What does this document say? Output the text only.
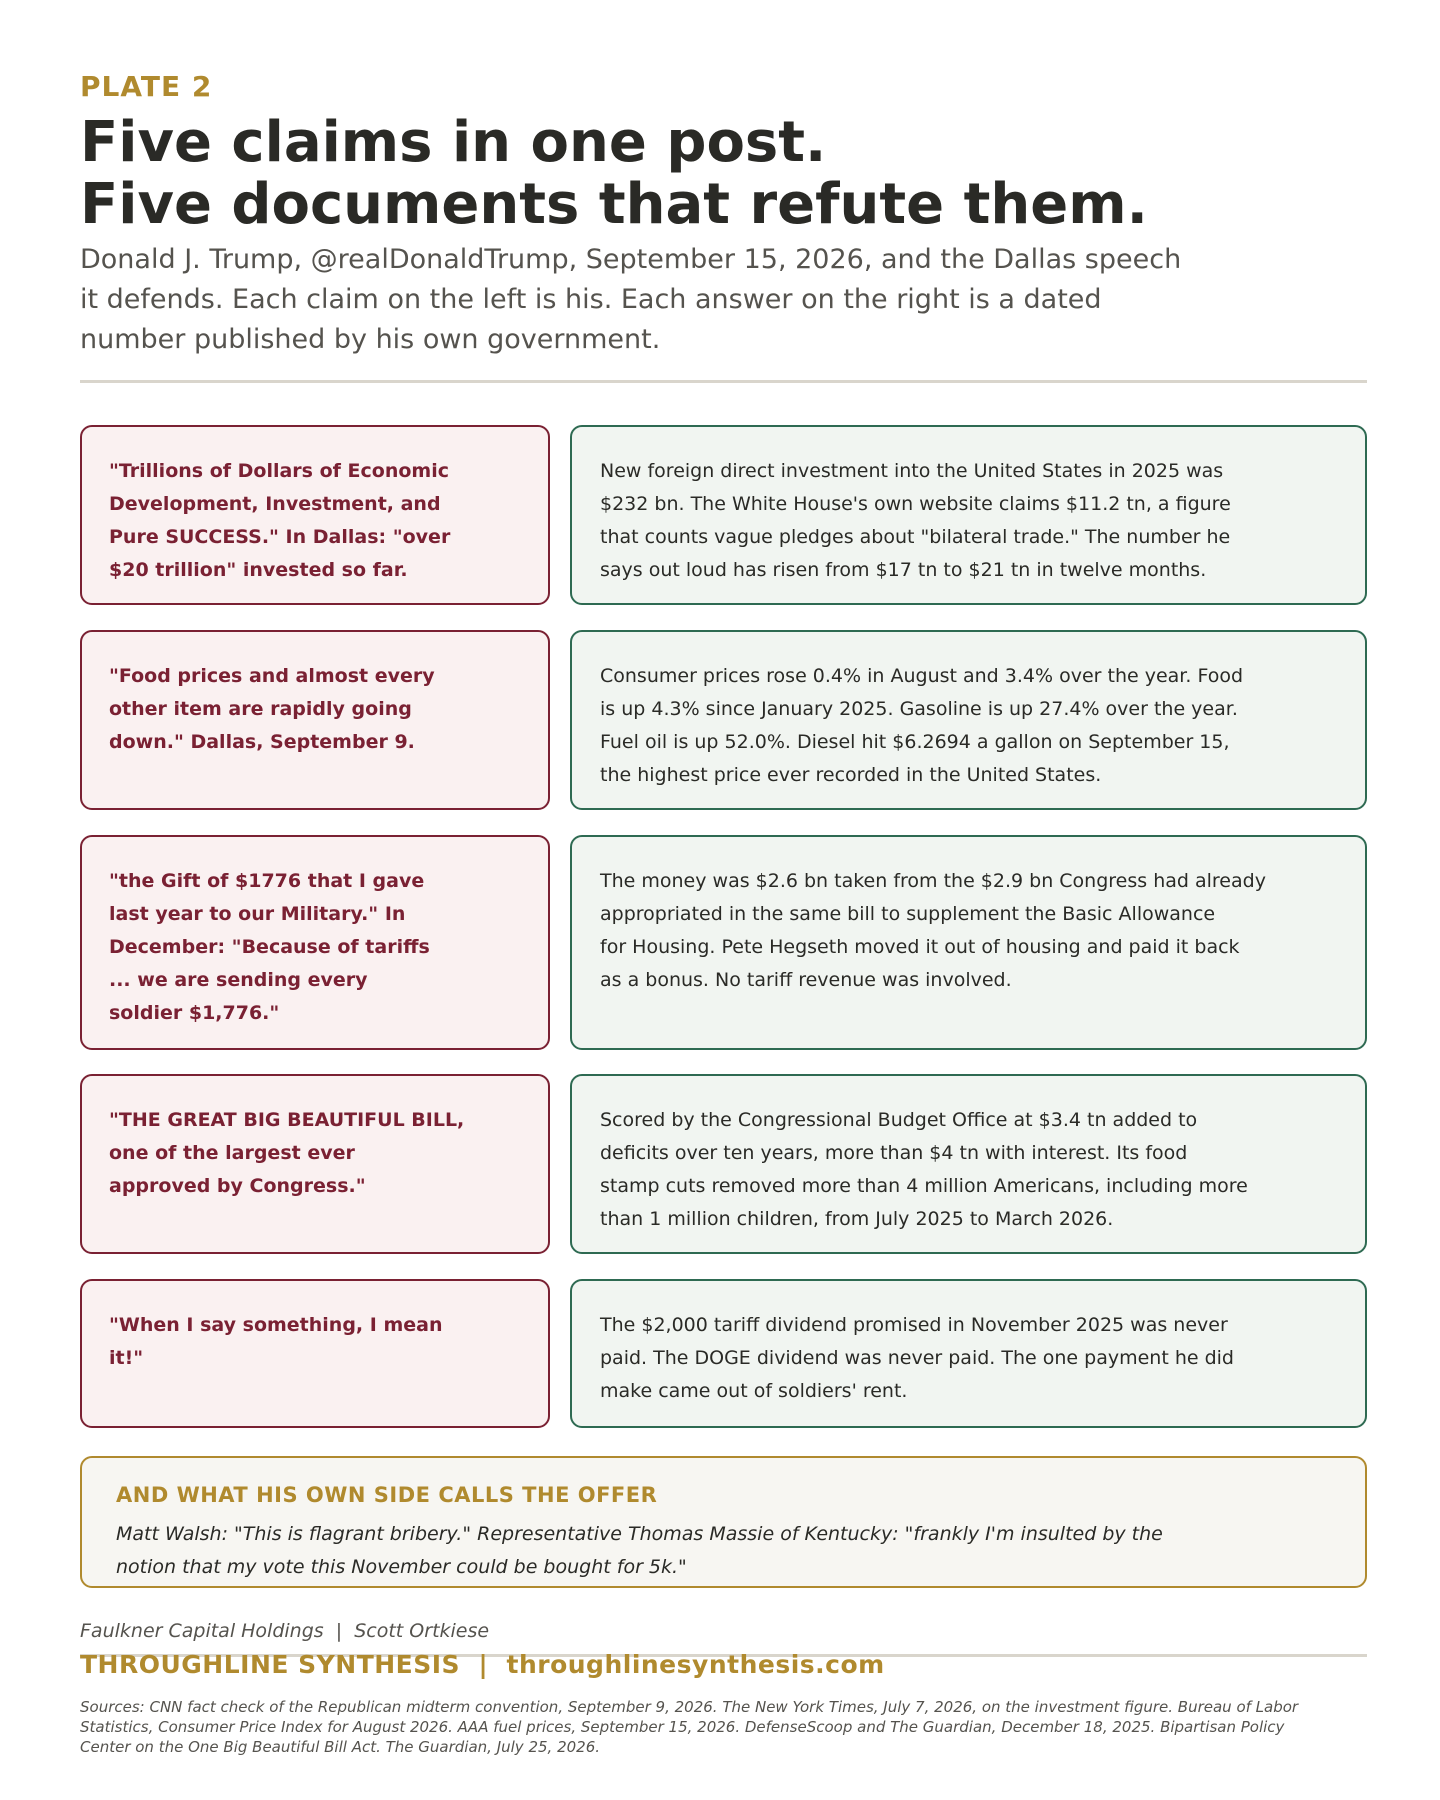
PLATE 2
Five claims in one post.
Five documents that refute them.
Donald J. Trump, @realDonaldTrump, September 15, 2026, and the Dallas speech
it defends. Each claim on the left is his. Each answer on the right is a dated
number published by his own government.
"Trillions of Dollars of Economic
Development, Investment, and
Pure SUCCESS." In Dallas: "over
$20 trillion" invested so far.
New foreign direct investment into the United States in 2025 was
$232 bn. The White House's own website claims $11.2 tn, a figure
that counts vague pledges about "bilateral trade." The number he
says out loud has risen from $17 tn to $21 tn in twelve months.
"Food prices and almost every
other item are rapidly going
down." Dallas, September 9.
Consumer prices rose 0.4% in August and 3.4% over the year. Food
is up 4.3% since January 2025. Gasoline is up 27.4% over the year.
Fuel oil is up 52.0%. Diesel hit $6.2694 a gallon on September 15,
the highest price ever recorded in the United States.
"the Gift of $1776 that I gave
last year to our Military." In
December: "Because of tariffs
... we are sending every
soldier $1,776."
The money was $2.6 bn taken from the $2.9 bn Congress had already
appropriated in the same bill to supplement the Basic Allowance
for Housing. Pete Hegseth moved it out of housing and paid it back
as a bonus. No tariff revenue was involved.
"THE GREAT BIG BEAUTIFUL BILL,
one of the largest ever
approved by Congress."
Scored by the Congressional Budget Office at $3.4 tn added to
deficits over ten years, more than $4 tn with interest. Its food
stamp cuts removed more than 4 million Americans, including more
than 1 million children, from July 2025 to March 2026.
"When I say something, I mean
it!"
The $2,000 tariff dividend promised in November 2025 was never
paid. The DOGE dividend was never paid. The one payment he did
make came out of soldiers' rent.
AND WHAT HIS OWN SIDE CALLS THE OFFER
Matt Walsh: "This is flagrant bribery." Representative Thomas Massie of Kentucky: "frankly I'm insulted by the
notion that my vote this November could be bought for 5k."
Faulkner Capital Holdings  |  Scott Ortkiese
THROUGHLINE SYNTHESIS  |  throughlinesynthesis.com
Sources: CNN fact check of the Republican midterm convention, September 9, 2026. The New York Times, July 7, 2026, on the investment figure. Bureau of Labor
Statistics, Consumer Price Index for August 2026. AAA fuel prices, September 15, 2026. DefenseScoop and The Guardian, December 18, 2025. Bipartisan Policy
Center on the One Big Beautiful Bill Act. The Guardian, July 25, 2026.
